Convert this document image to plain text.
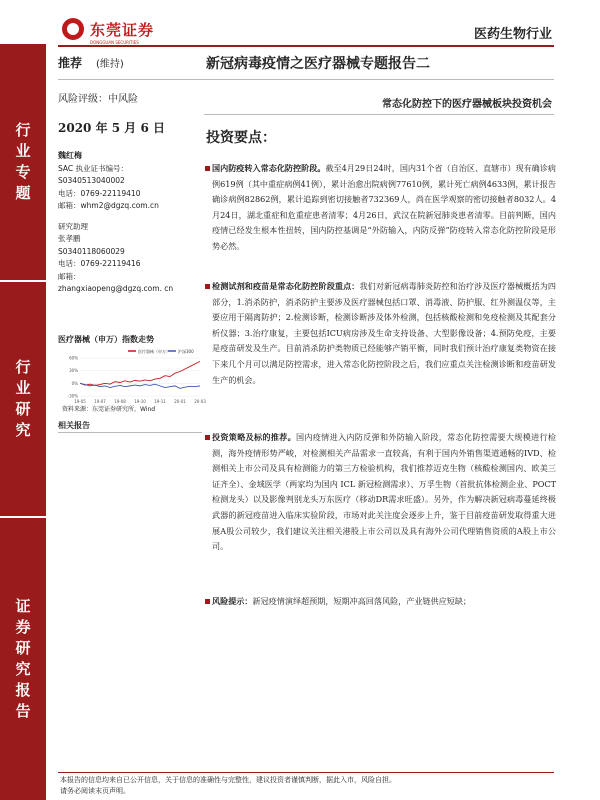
行
业
专
题
行
业
研
究
证
券
研
究
报
告
东莞证券
DONGGUAN SECURITIES
医药生物行业
推荐 (维持)	新冠病毒疫情之医疗器械专题报告二
风险评级：中风险	常态化防控下的医疗器械板块投资机会
2020 年 5 月 6 日
魏红梅
SAC 执业证书编号：
S0340513040002
电话：0769-22119410
邮箱：whm2@dgzq.com.cn
研究助理
张孝鹏
S0340118060029
电话：0769-22119416
邮箱：
zhangxiaopeng@dgzq.com. cn
医疗器械（申万）指数走势
医疗器械（申万） 沪深300
-30%
0%
30%
60%
19-05 19-07 19-08 19-10 19-11 20-01 20-03
资料来源：东莞证券研究所，Wind
相关报告
投资要点：
国内防疫转入常态化防控阶段。截至4月29日24时，国内31个省（自治区、直辖市）现有确诊病例619例（其中重症病例41例），累计治愈出院病例77610例，累计死亡病例4633例，累计报告确诊病例82862例，累计追踪到密切接触者732369人，尚在医学观察的密切接触者8032人。4月24日，湖北重症和危重症患者清零；4月26日，武汉在院新冠肺炎患者清零。目前判断，国内疫情已经发生根本性扭转，国内防控基调是“外防输入，内防反弹”防疫转入常态化防控阶段是形势必然。
检测试剂和疫苗是常态化防控阶段重点：我们对新冠病毒肺炎防控和治疗涉及医疗器械概括为四部分，1.消杀防护，消杀防护主要涉及医疗器械包括口罩、消毒液、防护服、红外测温仪等，主要应用于隔离防护；2.检测诊断，检测诊断涉及体外检测，包括核酸检测和免疫检测及其配套分析仪器；3.治疗康复，主要包括ICU病房涉及生命支持设备、大型影像设备；4.预防免疫，主要是疫苗研发及生产。目前消杀防护类物质已经能够产销平衡，同时我们预计治疗康复类物资在接下来几个月可以满足防控需求，进入常态化防控阶段之后，我们应重点关注检测诊断和疫苗研发生产的机会。
投资策略及标的推荐。国内疫情进入内防反弹和外防输入阶段，常态化防控需要大规模进行检测，海外疫情形势严峻，对检测相关产品需求一直较高，有利于国内外销售渠道通畅的IVD、检测相关上市公司及具有检测能力的第三方检验机构，我们推荐迈克生物（核酸检测国内、欧美三证齐全）、金域医学（两家均为国内 ICL 新冠检测需求）、万孚生物（首批抗体检测企业、POCT 检测龙头）以及影像判别龙头万东医疗（移动DR需求旺盛）。另外，作为解决新冠病毒蔓延终极武器的新冠疫苗进入临床实验阶段，市场对此关注度会逐步上升，鉴于目前疫苗研发取得重大进展A股公司较少，我们建议关注相关港股上市公司以及具有海外公司代理销售资质的A股上市公司。
风险提示：新冠疫情演绎超预期，短期冲高回落风险，产业链供应短缺；
本报告的信息均来自已公开信息，关于信息的准确性与完整性，建议投资者谨慎判断，据此入市，风险自担。
请务必阅读末页声明。
